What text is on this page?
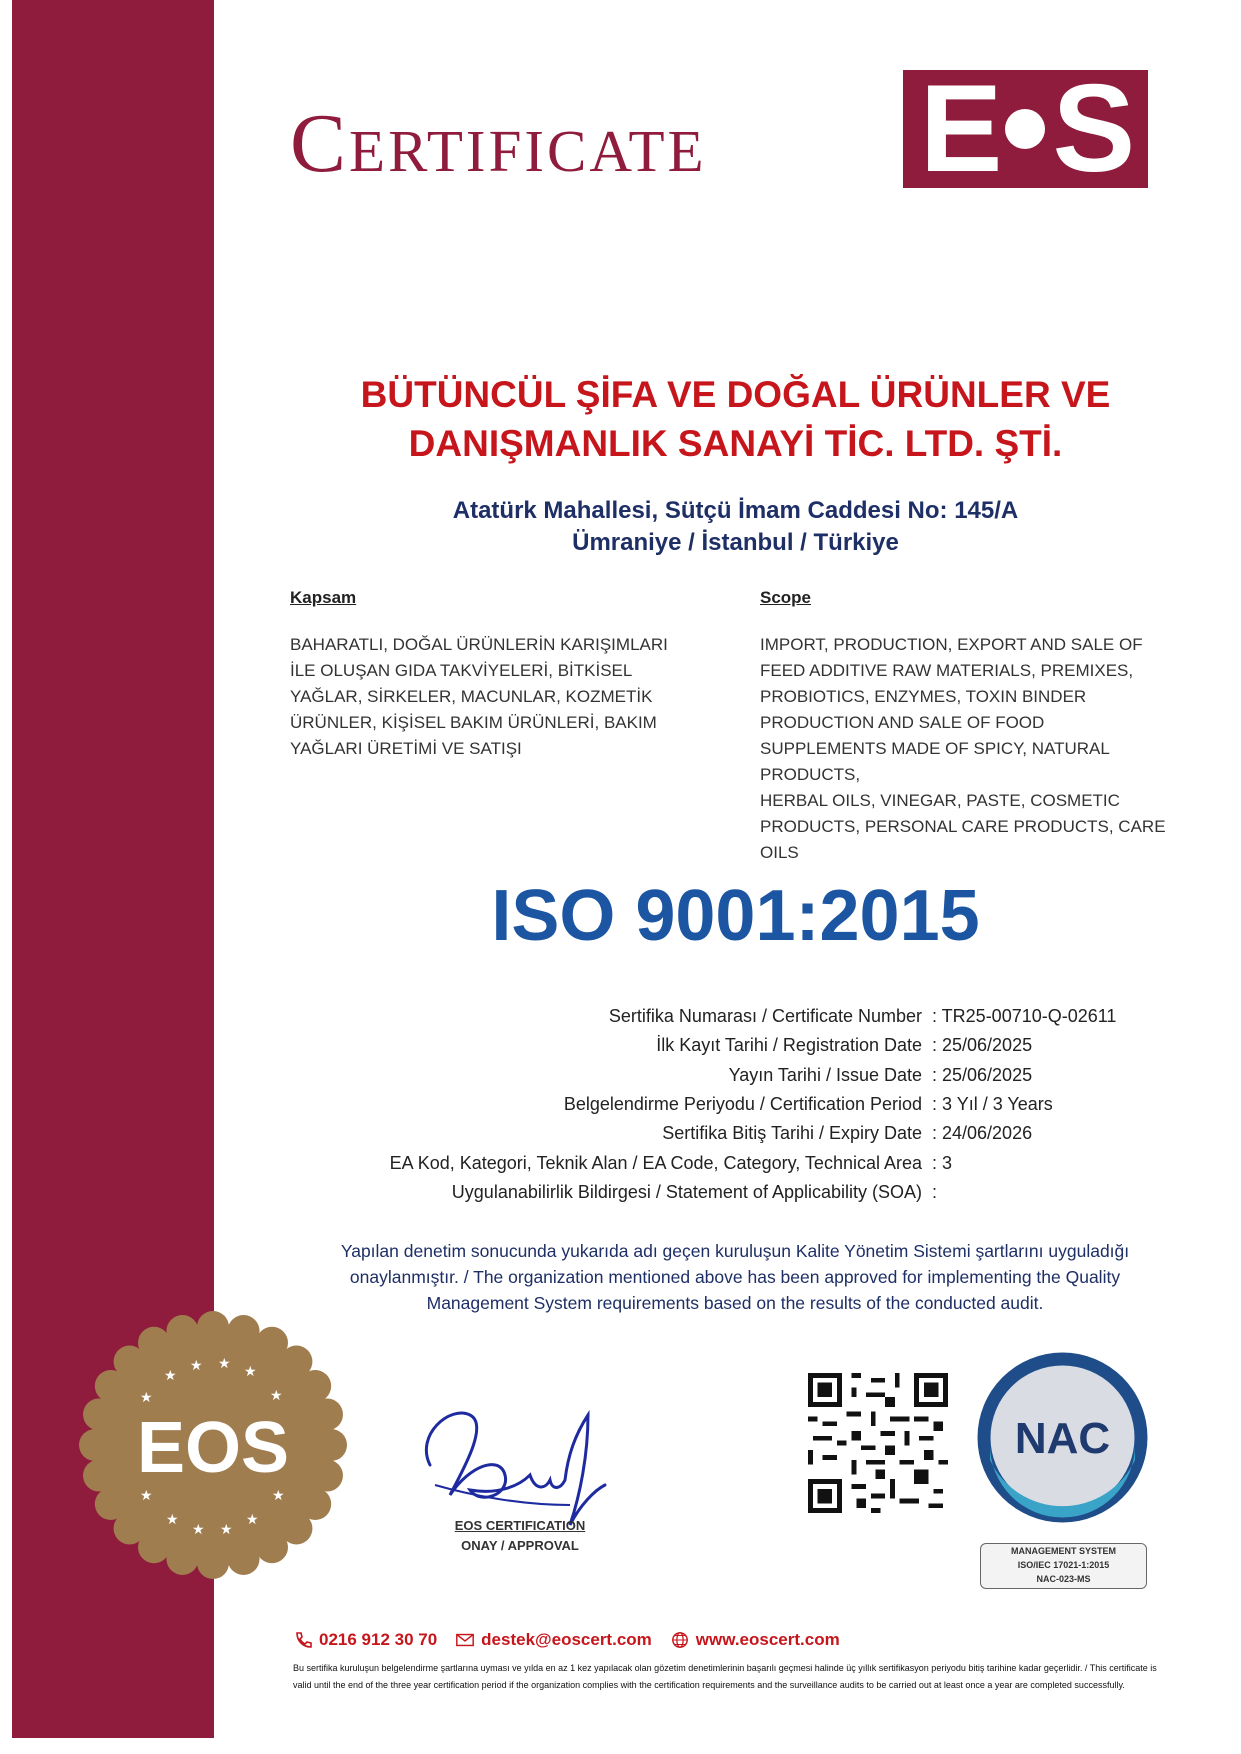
Certificate E S
BÜTÜNCÜL ŞİFA VE DOĞAL ÜRÜNLER VE
DANIŞMANLIK SANAYİ TİC. LTD. ŞTİ.
Atatürk Mahallesi, Sütçü İmam Caddesi No: 145/A
Ümraniye / İstanbul / Türkiye
Kapsam
BAHARATLI, DOĞAL ÜRÜNLERİN KARIŞIMLARI
İLE OLUŞAN GIDA TAKVİYELERİ, BİTKİSEL
YAĞLAR, SİRKELER, MACUNLAR, KOZMETİK
ÜRÜNLER, KİŞİSEL BAKIM ÜRÜNLERİ, BAKIM
YAĞLARI ÜRETİMİ VE SATIŞI
Scope
IMPORT, PRODUCTION, EXPORT AND SALE OF
FEED ADDITIVE RAW MATERIALS, PREMIXES,
PROBIOTICS, ENZYMES, TOXIN BINDER
PRODUCTION AND SALE OF FOOD
SUPPLEMENTS MADE OF SPICY, NATURAL
PRODUCTS,
HERBAL OILS, VINEGAR, PASTE, COSMETIC
PRODUCTS, PERSONAL CARE PRODUCTS, CARE
OILS
ISO 9001:2015
Sertifika Numarası / Certificate Number : TR25-00710-Q-02611
İlk Kayıt Tarihi / Registration Date : 25/06/2025
Yayın Tarihi / Issue Date : 25/06/2025
Belgelendirme Periyodu / Certification Period : 3 Yıl / 3 Years
Sertifika Bitiş Tarihi / Expiry Date : 24/06/2026
EA Kod, Kategori, Teknik Alan / EA Code, Category, Technical Area : 3
Uygulanabilirlik Bildirgesi / Statement of Applicability (SOA) :
Yapılan denetim sonucunda yukarıda adı geçen kuruluşun Kalite Yönetim Sistemi şartlarını uyguladığı
onaylanmıştır. / The organization mentioned above has been approved for implementing the Quality
Management System requirements based on the results of the conducted audit.
★
★ ★ ★
★	★
★	★
★
★ ★
★
EOS
EOS CERTIFICATION
ONAY / APPROVAL
NAC
MANAGEMENT SYSTEM
ISO/IEC 17021-1:2015
NAC-023-MS
0216 912 30 70	destek@eoscert.com	www.eoscert.com
Bu sertifika kuruluşun belgelendirme şartlarına uyması ve yılda en az 1 kez yapılacak olan gözetim denetimlerinin başarılı geçmesi halinde üç yıllık sertifikasyon periyodu bitiş tarihine kadar geçerlidir. / This certificate is
valid until the end of the three year certification period if the organization complies with the certification requirements and the surveillance audits to be carried out at least once a year are completed successfully.
